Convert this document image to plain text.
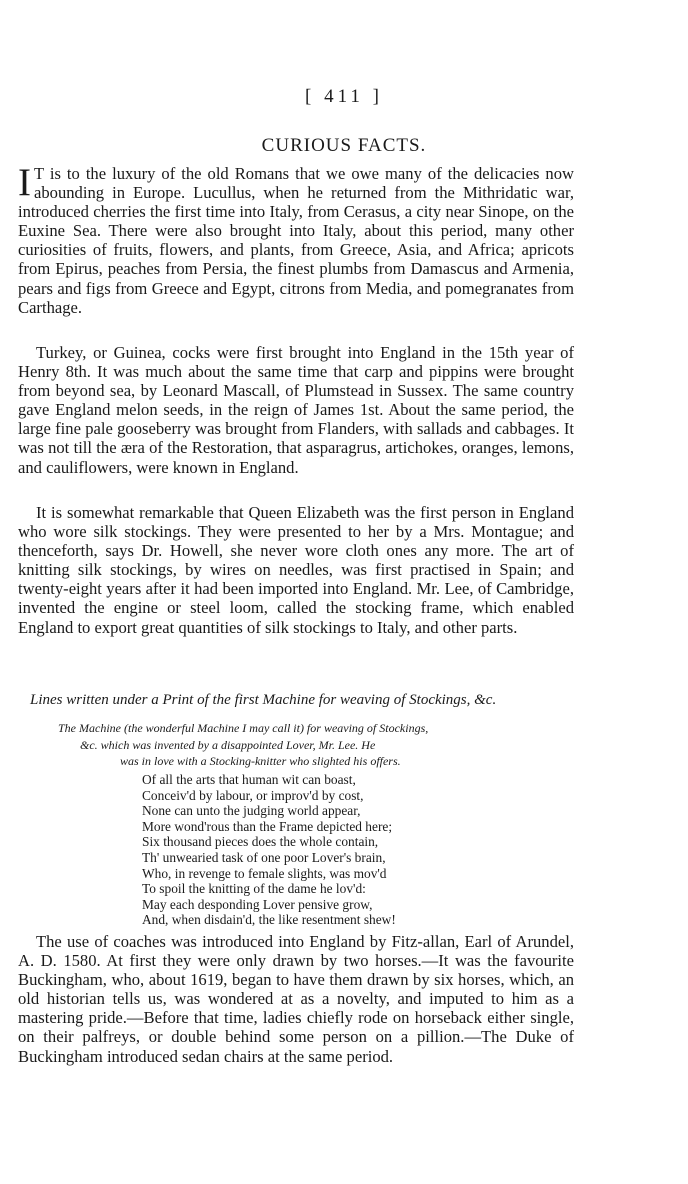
[ 411 ]
CURIOUS FACTS.

I T is to the luxury of the old Romans that we owe many of the delicacies now abounding in Europe. Lucullus, when he returned from the Mithridatic war, introduced cherries the first time into Italy, from Cerasus, a city near Sinope, on the Euxine Sea. There were also brought into Italy, about this period, many other curiosities of fruits, flowers, and plants, from Greece, Asia, and Africa; apricots from Epirus, peaches from Persia, the finest plumbs from Damascus and Armenia, pears and figs from Greece and Egypt, citrons from Media, and pomegranates from Carthage.

Turkey, or Guinea, cocks were first brought into England in the 15th year of Henry 8th. It was much about the same time that carp and pippins were brought from beyond sea, by Leonard Mascall, of Plumstead in Sussex. The same country gave England melon seeds, in the reign of James 1st. About the same period, the large fine pale gooseberry was brought from Flanders, with sallads and cabbages. It was not till the æra of the Restoration, that asparagrus, artichokes, oranges, lemons, and cauliflowers, were known in England.

It is somewhat remarkable that Queen Elizabeth was the first person in England who wore silk stockings. They were presented to her by a Mrs. Montague; and thenceforth, says Dr. Howell, she never wore cloth ones any more. The art of knitting silk stockings, by wires on needles, was first practised in Spain; and twenty-eight years after it had been imported into England. Mr. Lee, of Cambridge, invented the engine or steel loom, called the stocking frame, which enabled England to export great quantities of silk stockings to Italy, and other parts.

Lines written under a Print of the first Machine for weaving of Stockings, &c.

The Machine (the wonderful Machine I may call it) for weaving of Stockings,
&c. which was invented by a disappointed Lover, Mr. Lee. He
was in love with a Stocking-knitter who slighted his offers.
Of all the arts that human wit can boast,
Conceiv'd by labour, or improv'd by cost,
None can unto the judging world appear,
More wond'rous than the Frame depicted here;
Six thousand pieces does the whole contain,
Th' unwearied task of one poor Lover's brain,
Who, in revenge to female slights, was mov'd
To spoil the knitting of the dame he lov'd:
May each desponding Lover pensive grow,
And, when disdain'd, the like resentment shew!

The use of coaches was introduced into England by Fitz-allan, Earl of Arundel, A. D. 1580. At first they were only drawn by two horses.—It was the favourite Buckingham, who, about 1619, began to have them drawn by six horses, which, an old historian tells us, was wondered at as a novelty, and imputed to him as a mastering pride.—Before that time, ladies chiefly rode on horseback either single, on their palfreys, or double behind some person on a pillion.—The Duke of Buckingham introduced sedan chairs at the same period.
